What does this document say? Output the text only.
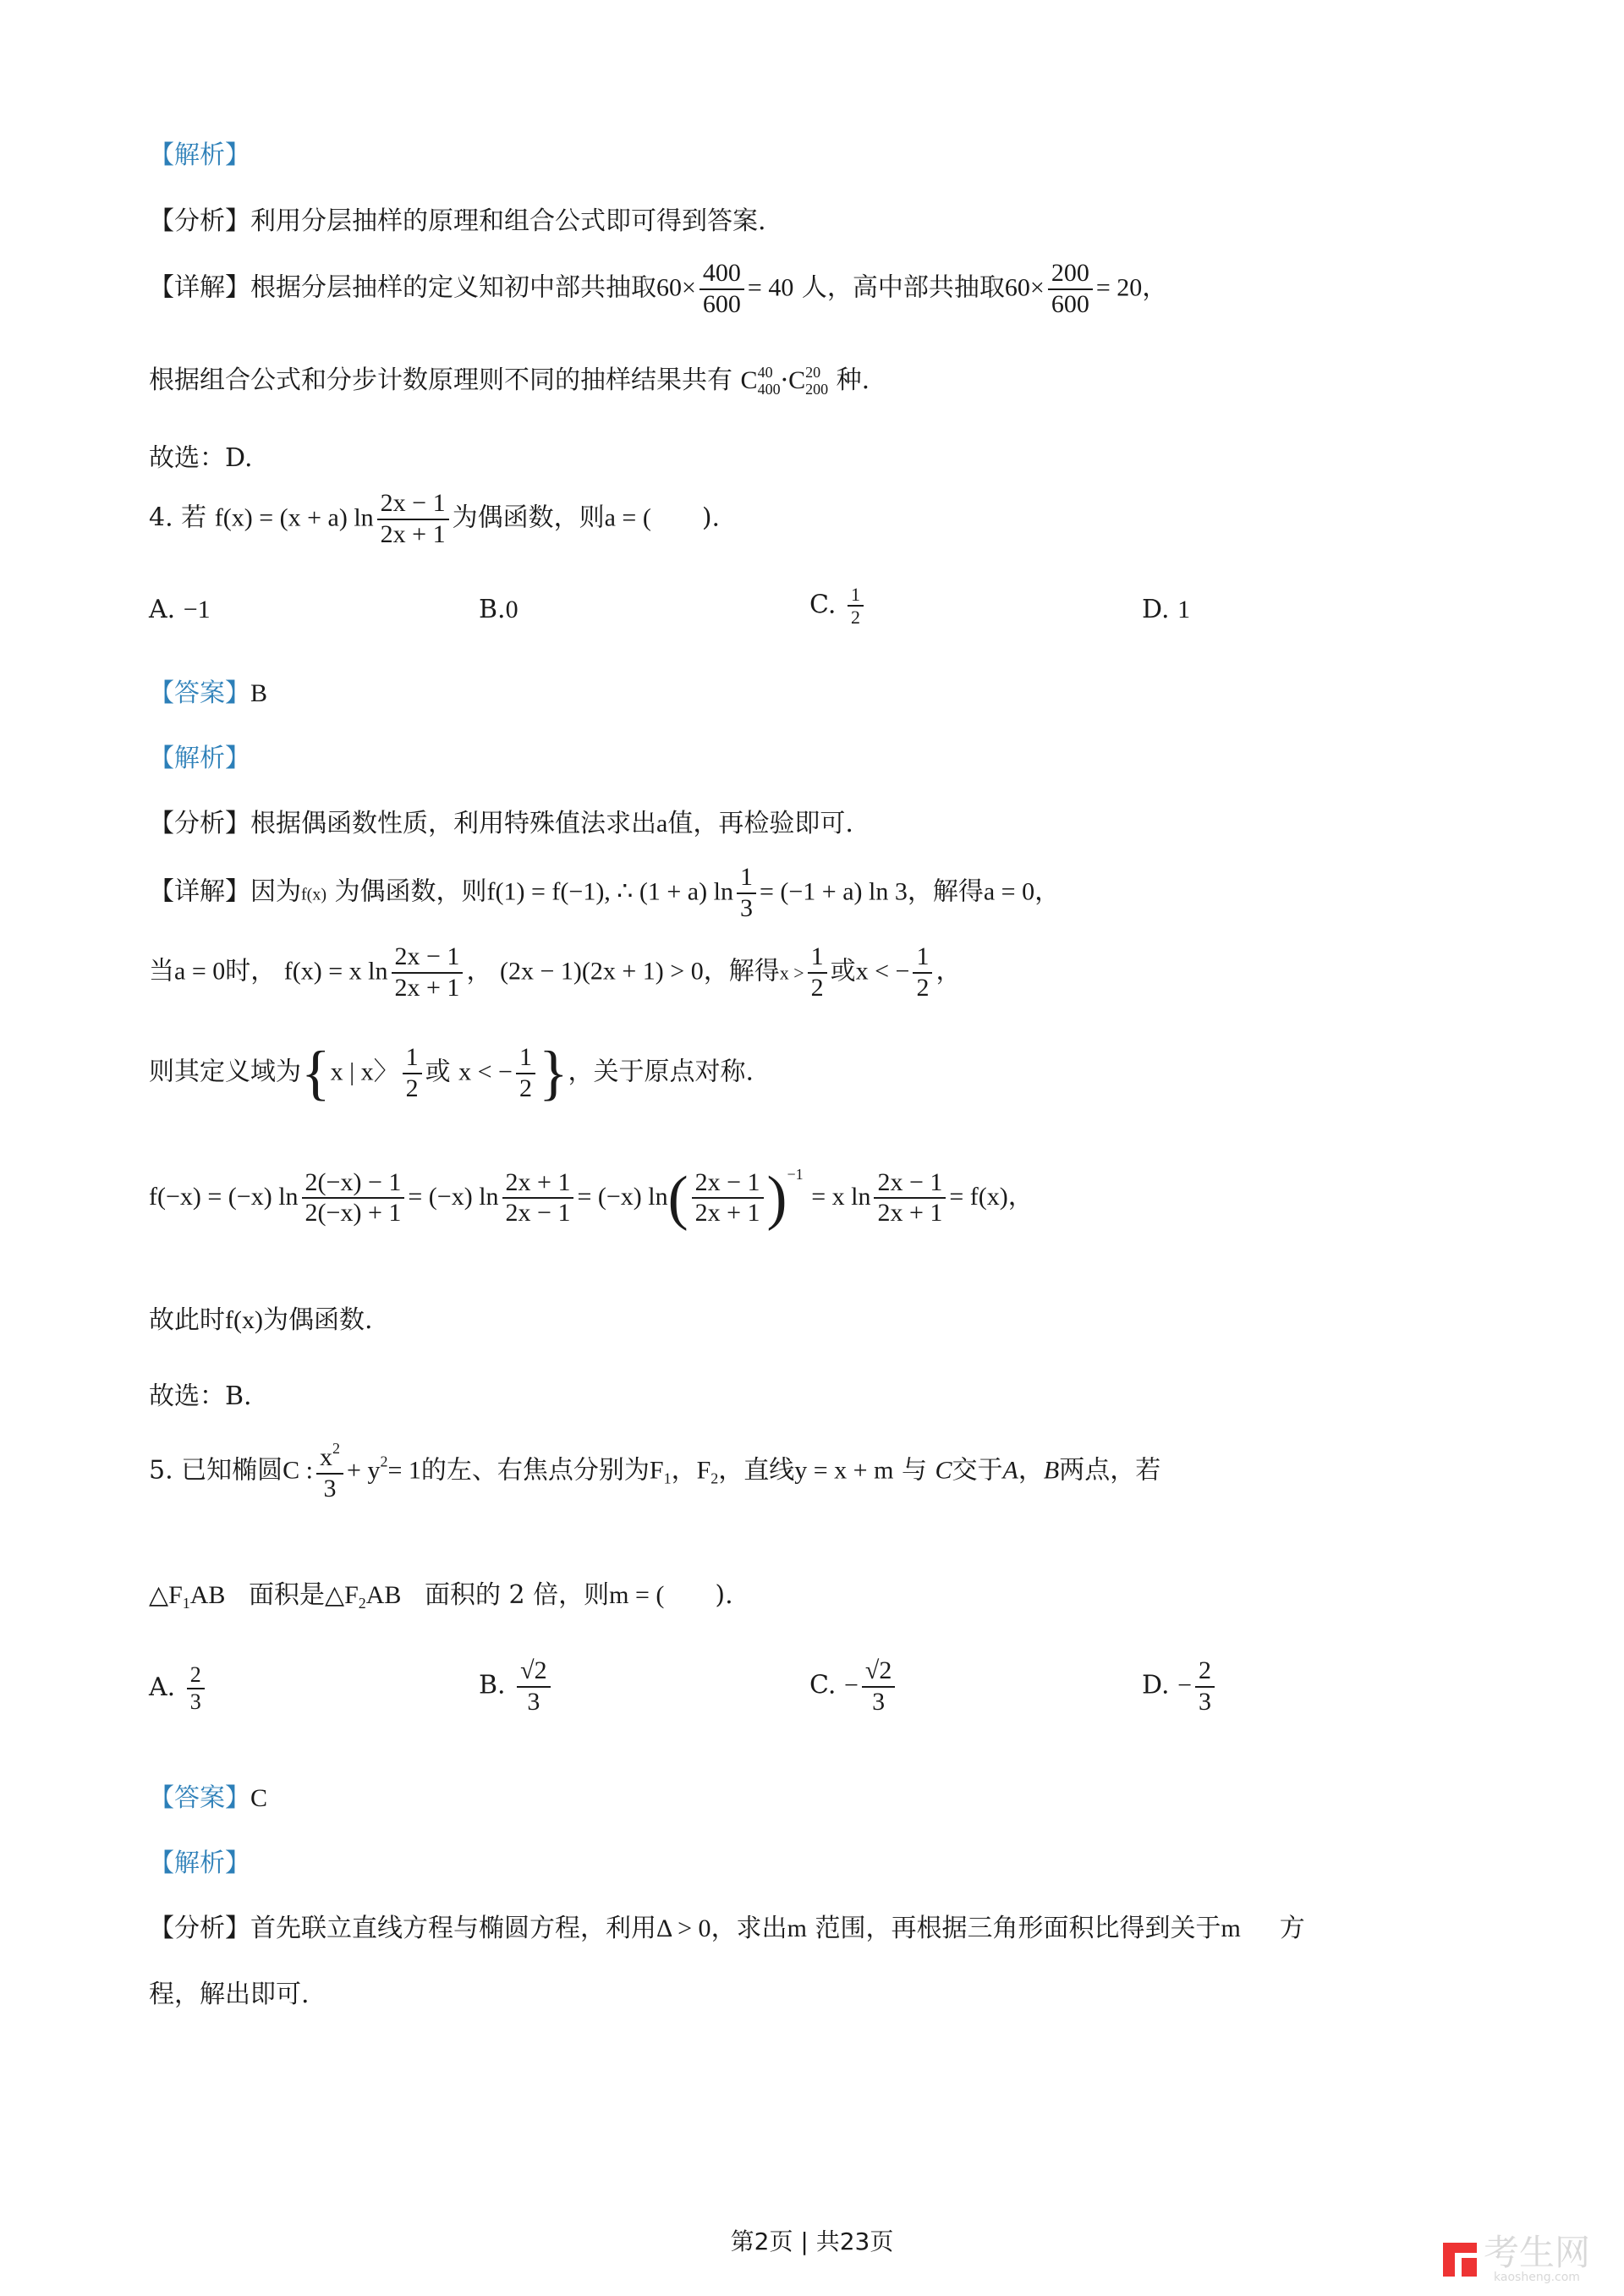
【解析】
【分析】利用分层抽样的原理和组合公式即可得到答案.
【详解】根据分层抽样的定义知初中部共抽取$60\times \frac{400}{600} = 40$ 人，高中部共抽取$60\times \frac{200}{600} = 20$，
根据组合公式和分步计数原理则不同的抽样结果共有 C 40
400 ·C 20
200 种.
故选：D.
4. 若 f(x) = (x + a) $\ln \frac{2x - 1}{2x + 1}$ 为偶函数，则a = ( ).
A. −1	B.0	C. $\frac{1}{2}$	D. 1
【答案】B
【解析】
【分析】根据偶函数性质，利用特殊值法求出a值，再检验即可.
【详解】因为f(x) 为偶函数，则f(1) = f(−1), ∴ (1 + a) $\ln \frac{1}{3} = (-1 + a)$ ln 3，解得a = 0，
当a = 0时， f(x) = x $\ln \frac{2x - 1}{2x + 1}$ ， (2x − 1)(2x + 1) > 0，解得$x > \frac{1}{2}$ 或x < − $\frac{1}{2}$ ，
则其定义域为{x | x〉 $\frac{1}{2}$ 或 x < − $\frac{1}{2}$ }，关于原点对称.
f(−x) = (−x) $\ln \frac{2(-x) - 1}{2(-x) + 1} = (-x)$ $\ln \frac{2x + 1}{2x - 1} = (-x)$ $\ln( \frac{2x - 1}{2x + 1} )^{-1} = x$ $\ln \frac{2x - 1}{2x + 1} = f(x)$，
故此时f(x)为偶函数.
故选：B.
5. 已知椭圆C : $\frac{x^2}{3} + y^2= 1$的左、右焦点分别为$F_1$，$F_2$，直线y = x + m 与 C交于A，B两点，若
$\triangle F_1AB$ 面积是$\triangle F_2AB$ 面积的 2 倍，则m = ( ).
A. $\frac{2}{3}$	B. $\frac{√2}{3}$	C. − $\frac{√2}{3}$	D. − $\frac{2}{3}$
【答案】C
【解析】
【分析】首先联立直线方程与椭圆方程，利用Δ > 0，求出m 范围，再根据三角形面积比得到关于m 方
程，解出即可.
第2页 | 共23页	考生网
kaosheng.com
